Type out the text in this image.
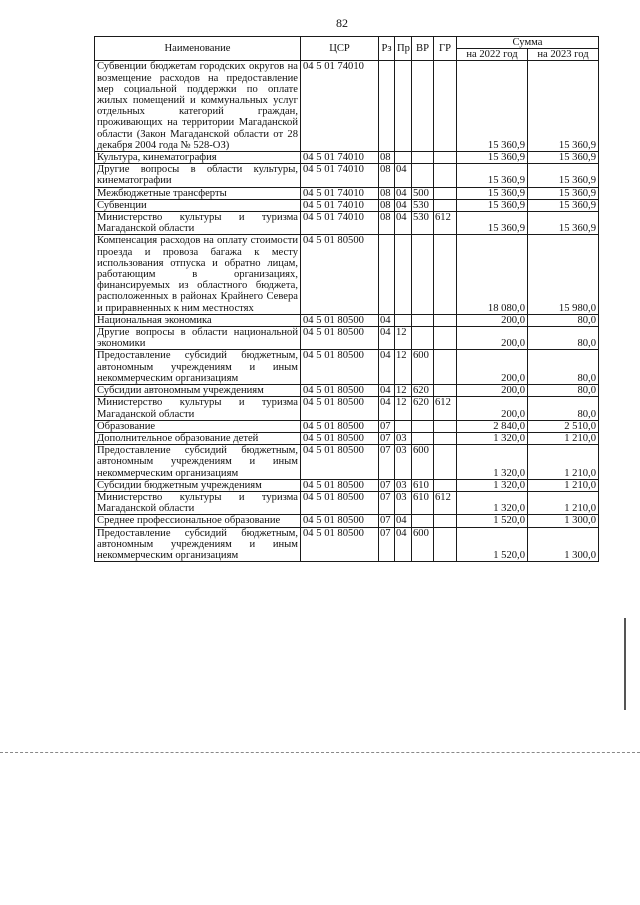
82
Наименование	ЦСР	Рз	Пр	ВР	ГР	Сумма	
						на 2022 год	на 2023 год
Субвенции бюджетам городских округов на возмещение расходов на предоставление мер социальной поддержки по оплате жилых помещений и коммунальных услуг отдельных категорий граждан, проживающих на территории Магаданской области (Закон Магаданской области от 28 декабря 2004 года № 528-ОЗ)	04 5 01 74010					15 360,9	15 360,9
Культура, кинематография	04 5 01 74010	08				15 360,9	15 360,9
Другие вопросы в области культуры, кинематографии	04 5 01 74010	08	04			15 360,9	15 360,9
Межбюджетные трансферты	04 5 01 74010	08	04	500		15 360,9	15 360,9
Субвенции	04 5 01 74010	08	04	530		15 360,9	15 360,9
Министерство культуры и туризма Магаданской области	04 5 01 74010	08	04	530	612	15 360,9	15 360,9
Компенсация расходов на оплату стоимости проезда и провоза багажа к месту использования отпуска и обратно лицам, работающим в организациях, финансируемых из областного бюджета, расположенных в районах Крайнего Севера и приравненных к ним местностях	04 5 01 80500					18 080,0	15 980,0
Национальная экономика	04 5 01 80500	04				200,0	80,0
Другие вопросы в области национальной экономики	04 5 01 80500	04	12			200,0	80,0
Предоставление субсидий бюджетным, автономным учреждениям и иным некоммерческим организациям	04 5 01 80500	04	12	600		200,0	80,0
Субсидии автономным учреждениям	04 5 01 80500	04	12	620		200,0	80,0
Министерство культуры и туризма Магаданской области	04 5 01 80500	04	12	620	612	200,0	80,0
Образование	04 5 01 80500	07				2 840,0	2 510,0
Дополнительное образование детей	04 5 01 80500	07	03			1 320,0	1 210,0
Предоставление субсидий бюджетным, автономным учреждениям и иным некоммерческим организациям	04 5 01 80500	07	03	600		1 320,0	1 210,0
Субсидии бюджетным учреждениям	04 5 01 80500	07	03	610		1 320,0	1 210,0
Министерство культуры и туризма Магаданской области	04 5 01 80500	07	03	610	612	1 320,0	1 210,0
Среднее профессиональное образование	04 5 01 80500	07	04			1 520,0	1 300,0
Предоставление субсидий бюджетным, автономным учреждениям и иным некоммерческим организациям	04 5 01 80500	07	04	600		1 520,0	1 300,0
